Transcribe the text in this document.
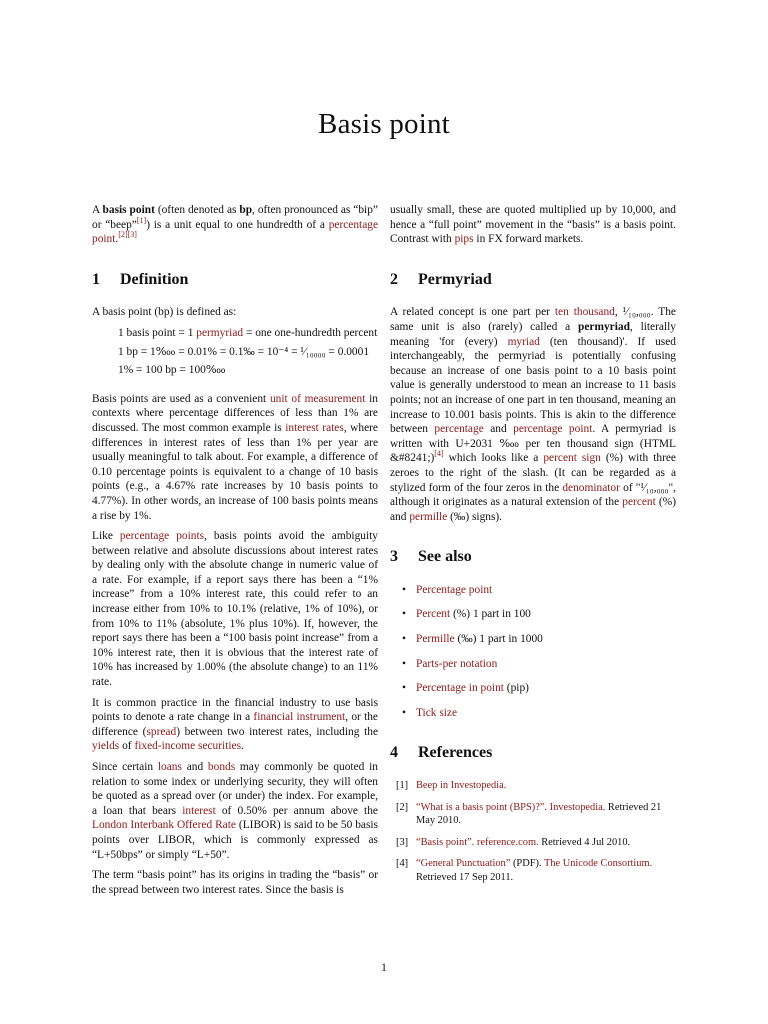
Basis point

A basis point (often denoted as bp, often pronounced as “bip” or “beep”[1]) is a unit equal to one hundredth of a percentage point.[2][3]

1 Definition

A basis point (bp) is defined as:

1 basis point = 1 permyriad = one one-hundredth percent
1 bp = 1‱ = 0.01% = 0.1‰ = 10⁻⁴ = ¹⁄₁₀₀₀₀ = 0.0001
1% = 100 bp = 100‱

Basis points are used as a convenient unit of measurement in contexts where percentage differences of less than 1% are discussed. The most common example is interest rates, where differences in interest rates of less than 1% per year are usually meaningful to talk about. For example, a difference of 0.10 percentage points is equivalent to a change of 10 basis points (e.g., a 4.67% rate increases by 10 basis points to 4.77%). In other words, an increase of 100 basis points means a rise by 1%.

Like percentage points, basis points avoid the ambiguity between relative and absolute discussions about interest rates by dealing only with the absolute change in numeric value of a rate. For example, if a report says there has been a “1% increase” from a 10% interest rate, this could refer to an increase either from 10% to 10.1% (relative, 1% of 10%), or from 10% to 11% (absolute, 1% plus 10%). If, however, the report says there has been a “100 basis point increase” from a 10% interest rate, then it is obvious that the interest rate of 10% has increased by 1.00% (the absolute change) to an 11% rate.

It is common practice in the financial industry to use basis points to denote a rate change in a financial instrument, or the difference (spread) between two interest rates, including the yields of fixed-income securities.

Since certain loans and bonds may commonly be quoted in relation to some index or underlying security, they will often be quoted as a spread over (or under) the index. For example, a loan that bears interest of 0.50% per annum above the London Interbank Offered Rate (LIBOR) is said to be 50 basis points over LIBOR, which is commonly expressed as “L+50bps” or simply “L+50”.

The term “basis point” has its origins in trading the “basis” or the spread between two interest rates. Since the basis is

usually small, these are quoted multiplied up by 10,000, and hence a “full point” movement in the “basis” is a basis point. Contrast with pips in FX forward markets.

2 Permyriad

A related concept is one part per ten thousand, ¹⁄₁₀,₀₀₀. The same unit is also (rarely) called a permyriad, literally meaning 'for (every) myriad (ten thousand)'. If used interchangeably, the permyriad is potentially confusing because an increase of one basis point to a 10 basis point value is generally understood to mean an increase to 11 basis points; not an increase of one part in ten thousand, meaning an increase to 10.001 basis points. This is akin to the difference between percentage and percentage point. A permyriad is written with U+2031 ‱ per ten thousand sign (HTML &#8241;)[4] which looks like a percent sign (%) with three zeroes to the right of the slash. (It can be regarded as a stylized form of the four zeros in the denominator of "¹⁄₁₀,₀₀₀", although it originates as a natural extension of the percent (%) and permille (‰) signs).

3 See also
• Percentage point
• Percent (%) 1 part in 100
• Permille (‰) 1 part in 1000
• Parts-per notation
• Percentage in point (pip)
• Tick size
4 References
[1] Beep in Investopedia.
[2] “What is a basis point (BPS)?”. Investopedia. Retrieved 21 May 2010.
[3] “Basis point”. reference.com. Retrieved 4 Jul 2010.
[4] “General Punctuation” (PDF). The Unicode Consortium. Retrieved 17 Sep 2011.
1
